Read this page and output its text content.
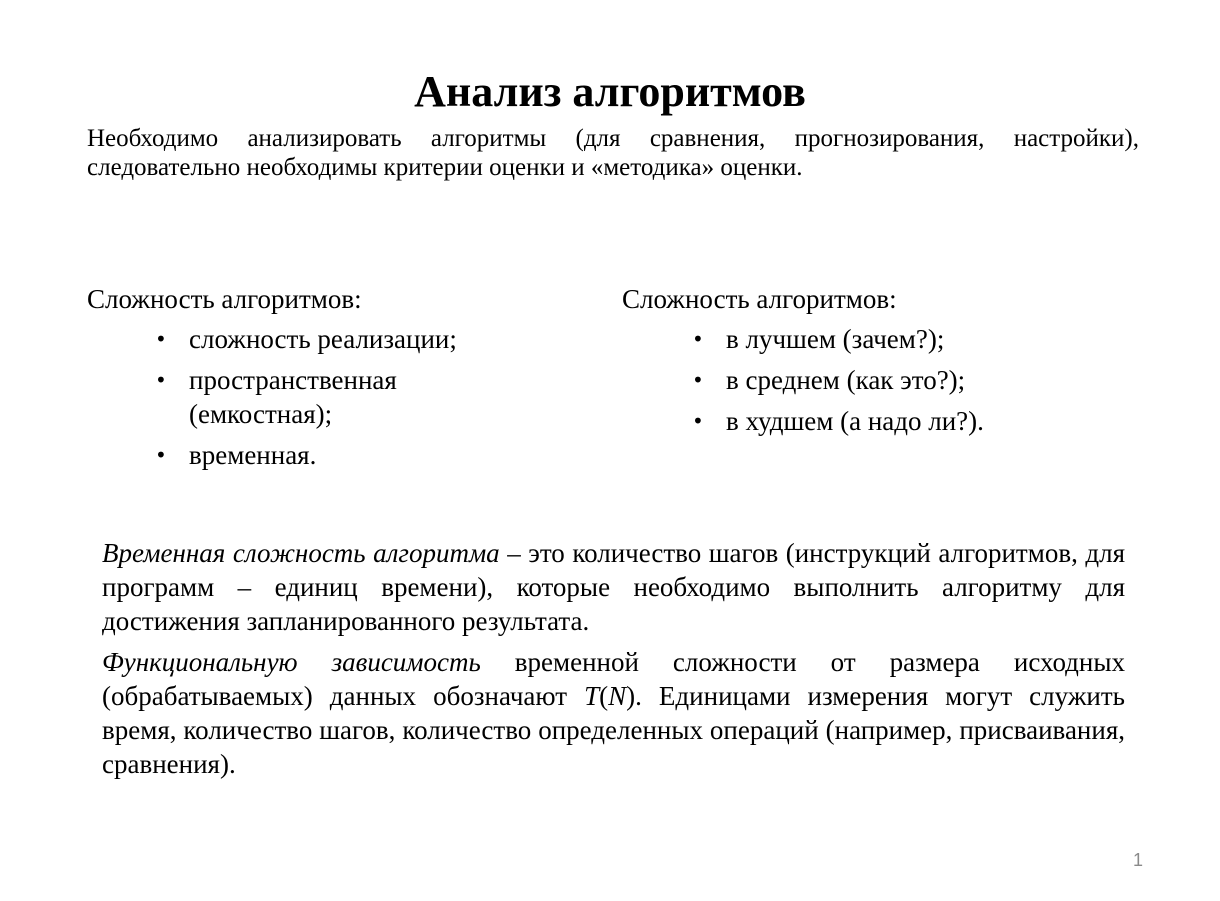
Анализ алгоритмов

Необходимо анализировать алгоритмы (для сравнения, прогнозирования, настройки), следовательно необходимы критерии оценки и «методика» оценки.

Сложность алгоритмов:

• сложность реализации;
• пространственная (емкостная);
• временная.

Сложность алгоритмов:

• в лучшем (зачем?);
• в среднем (как это?);
• в худшем (а надо ли?).

Временная сложность алгоритма – это количество шагов (инструкций алгоритмов, для программ – единиц времени), которые необходимо выполнить алгоритму для достижения запланированного результата.

Функциональную зависимость временной сложности от размера исходных (обрабатываемых) данных обозначают T(N). Единицами измерения могут служить время, количество шагов, количество определенных операций (например, присваивания, сравнения).

1
